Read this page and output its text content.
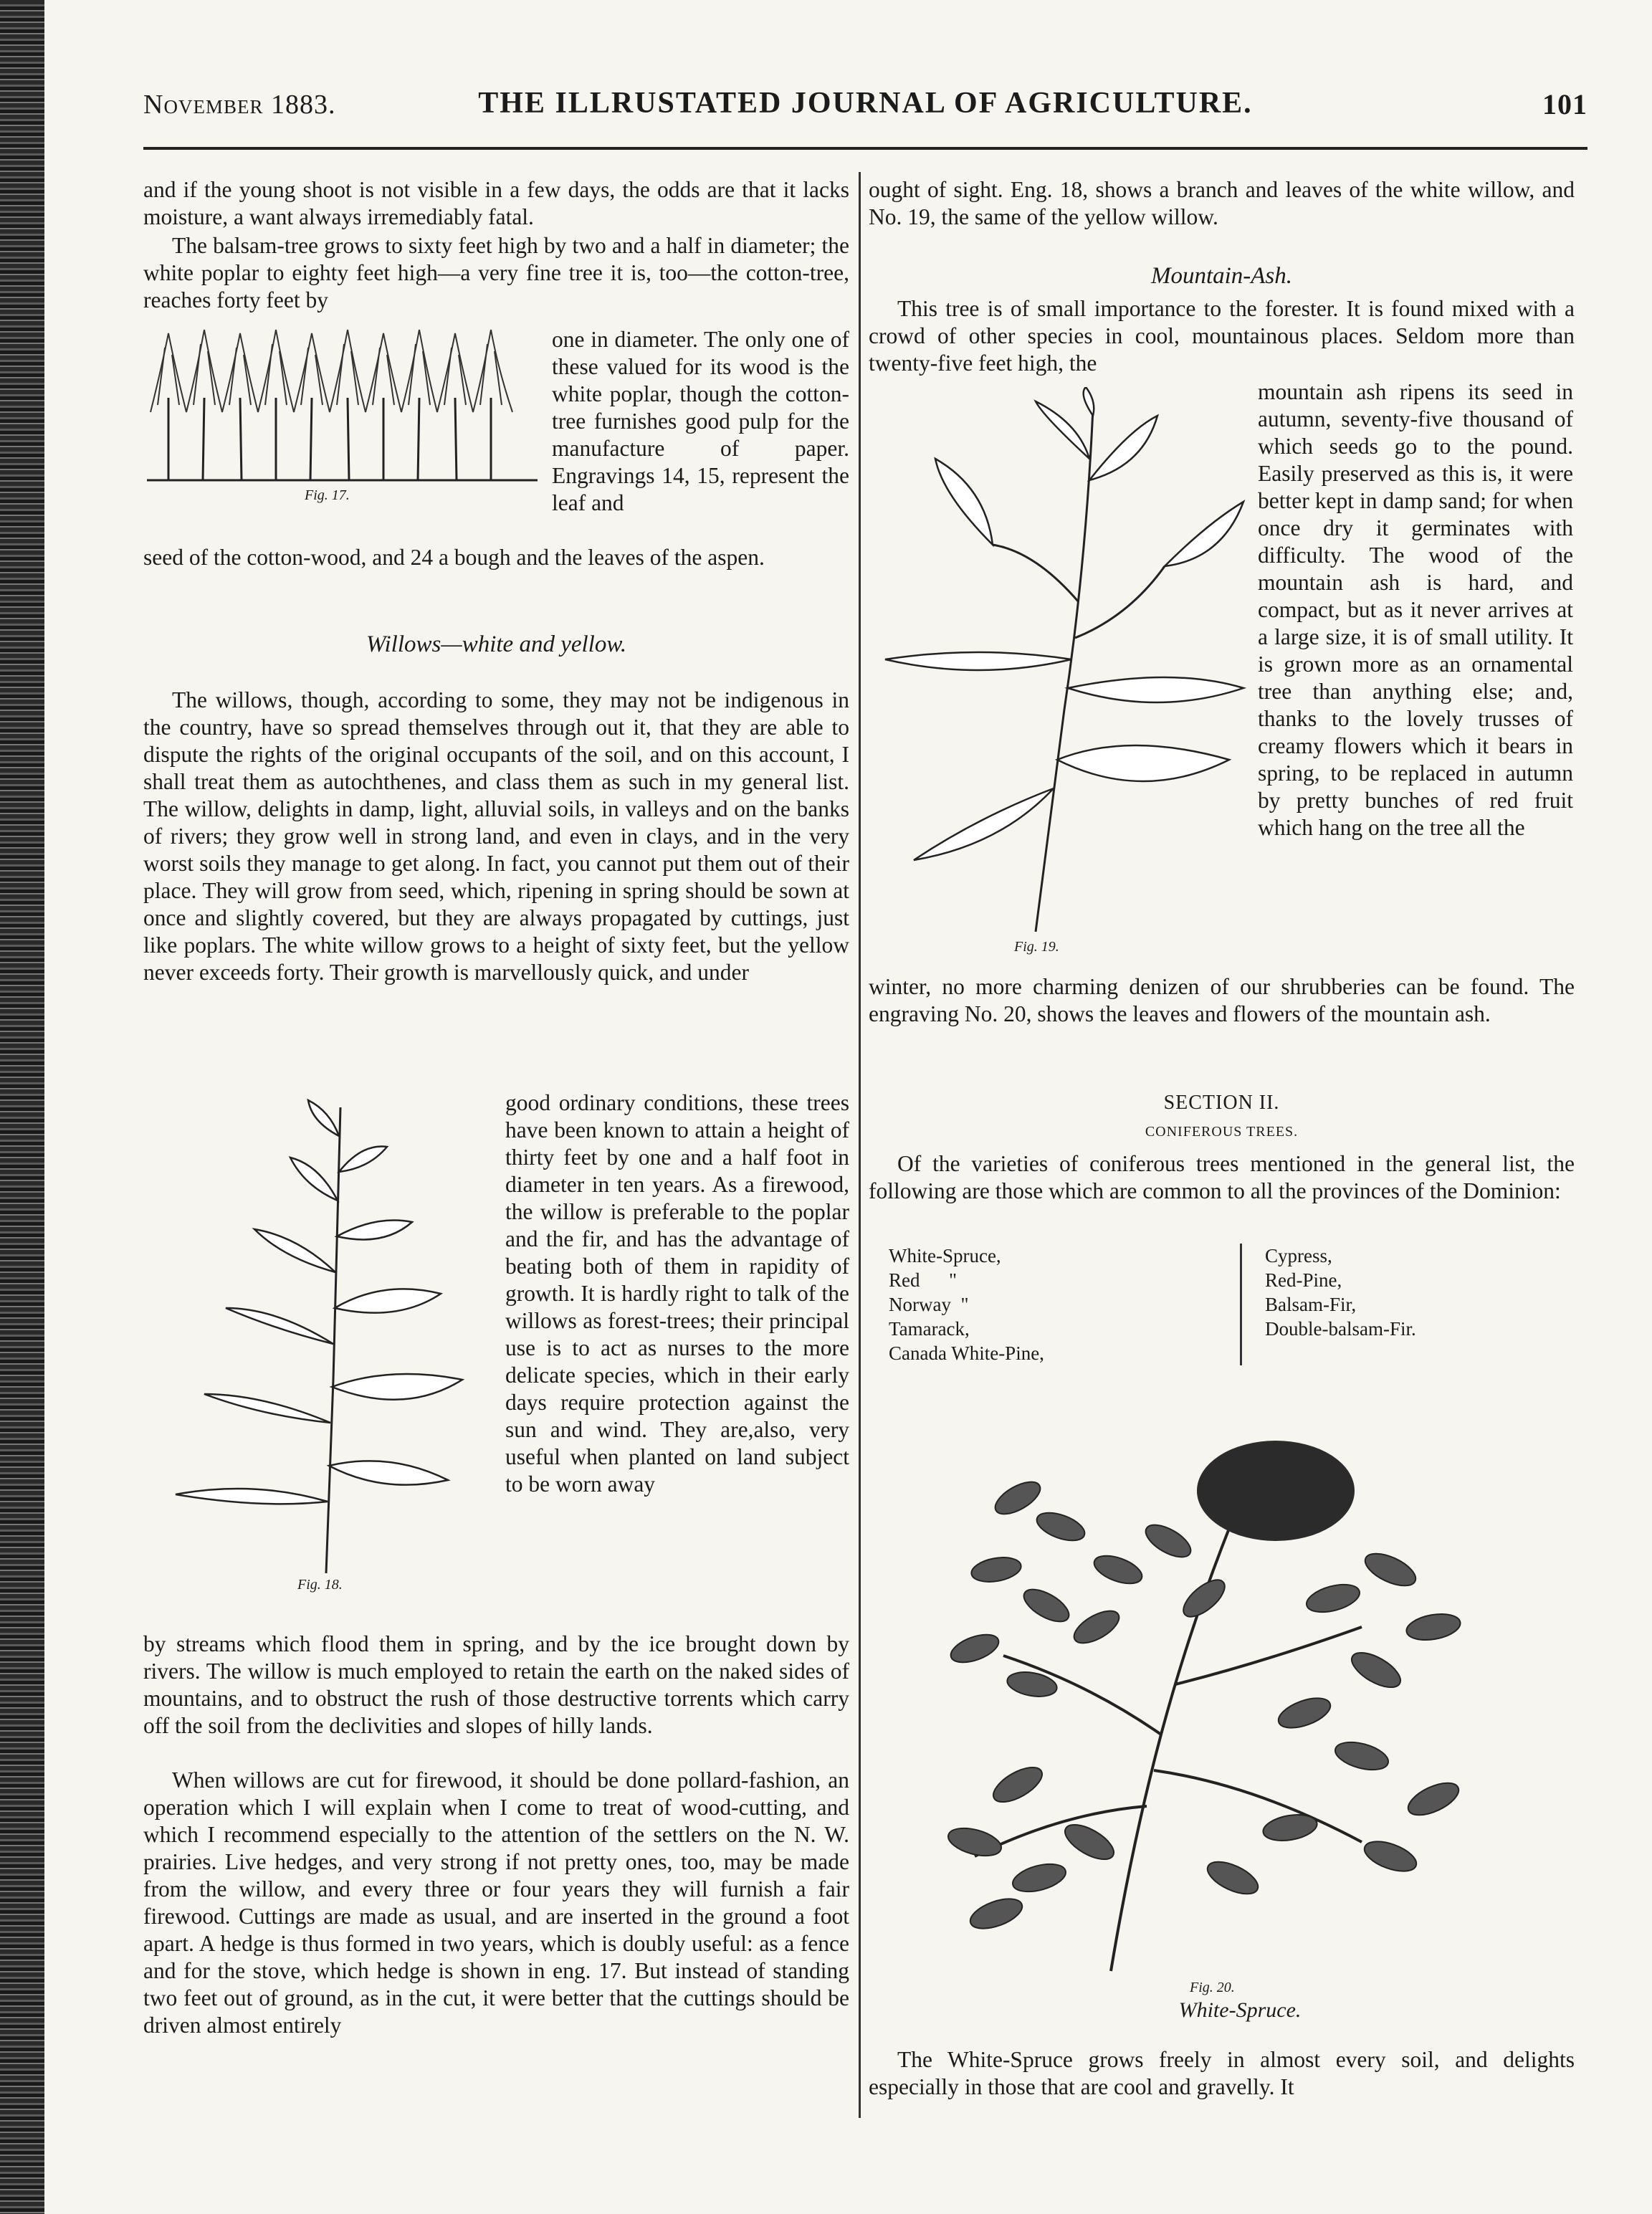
November 1883.	THE ILLRUSTATED JOURNAL OF AGRICULTURE.	101

and if the young shoot is not visible in a few days, the odds are that it lacks moisture, a want always irremediably fatal.

The bals⁠a⁠m-tree grows to sixty feet high by two and a half in diameter; the white poplar to eighty feet high—a very fine tree it is, too—the cotton-tree, reaches forty feet by

Fig. 17.

one in diameter. The only one of these valued for its wood is the white poplar, though the cotton-tree furnishes good pulp for the manufacture of paper. Engravings 14, 15, represent the leaf and

seed of the cotton-wood, and 24 a bough and the leaves of the aspen.

Willows—white and yellow.

The willows, though, according to some, they may not be indigenous in the country, have so spread themselves through out it, that they are able to dispute the rights of the original occupants of the soil, and on this account, I shall treat them as autochthenes, and class them as such in my general list. The willow, delights in damp, light, alluvial soils, in valleys and on the banks of rivers; they grow well in strong land, and even in clays, and in the very worst soils they manage to get along. In fact, you cannot put them out of their place. They will grow from seed, which, ripening in spring should be sown at once and slightly covered, but they are always propagated by cuttings, just like poplars. The white willow grows to a height of sixty feet, but the yellow never exceeds forty. Their growth is marvellously quick, and under

Fig. 18.

good ordinary conditions, these trees have been known to attain a height of thirty feet by one and a half foot in diameter in ten years. As a firewood, the willow is preferable to the poplar and the fir, and has the advantage of beating both of them in rapidity of growth. It is hardly right to talk of the willows as forest-trees; their principal use is to act as nurses to the more delicate species, which in their early days require protection against the sun and wind. They are,also, very useful when planted on land subject to be worn away

by streams which flood them in spring, and by the ice brought down by rivers. The willow is much employed to retain the earth on the naked sides of mountains, and to obstruct the rush of those destructive torrents which carry off the soil from the declivities and slopes of hilly lands.

When willows are cut for firewood, it should be done pollard-fashion, an operation which I will explain when I come to treat of wood-cutting, and which I recommend especially to the attention of the settlers on the N. W. prairies. Live hedges, and very strong if not pretty ones, too, may be made from the willow, and every three or four years they will furnish a fair firewood. Cuttings are made as usual, and are inserted in the ground a foot apart. A hedge is thus formed in two years, which is doubly useful: as a fence and for the stove, which hedge is shown in eng. 17. But instead of standing two feet out of ground, as in the cut, it were better that the cuttings should be driven almost entirely

ought of sight. Eng. 18, shows a branch and leaves of the white willow, and No. 19, the same of the yellow willow.

Mountain-Ash.

This tree is of small importance to the forester. It is found mixed with a crowd of other species in cool, mountainous places. Seldom more than twenty-five feet high, the

Fig. 19.

mountain ash ripens its seed in autumn, seventy-five thousand of which seeds go to the pound. Easily preserved as this is, it were better kept in damp sand; for when once dry it germinates with difficulty. The wood of the mountain ash is hard, and compact, but as it never arrives at a large size, it is of small utility. It is grown more as an ornamental tree than anything else; and, thanks to the lovely trusses of creamy flowers which it bears in spring, to be replaced in autumn by pretty bunches of red fruit which hang on the tree all the

winter, no more charming denizen of our shrubberies can be found. The engraving No. 20, shows the leaves and flowers of the mountain ash.

SECTION II.
CONIFEROUS TREES.

Of the varieties of coniferous trees mentioned in the general list, the following are those which are common to all the provinces of the Dominion:

White-Spruce,
Red      "
Norway  "
Tamarack,
Canada White-Pine,
Cypress,
Red-Pine,
Balsam-Fir,
Double-balsam-Fir.
Fig. 20.
White-Spruce.

The White-Spruce grows freely in almost every soil, and delights especially in those that are cool and gravelly. It
